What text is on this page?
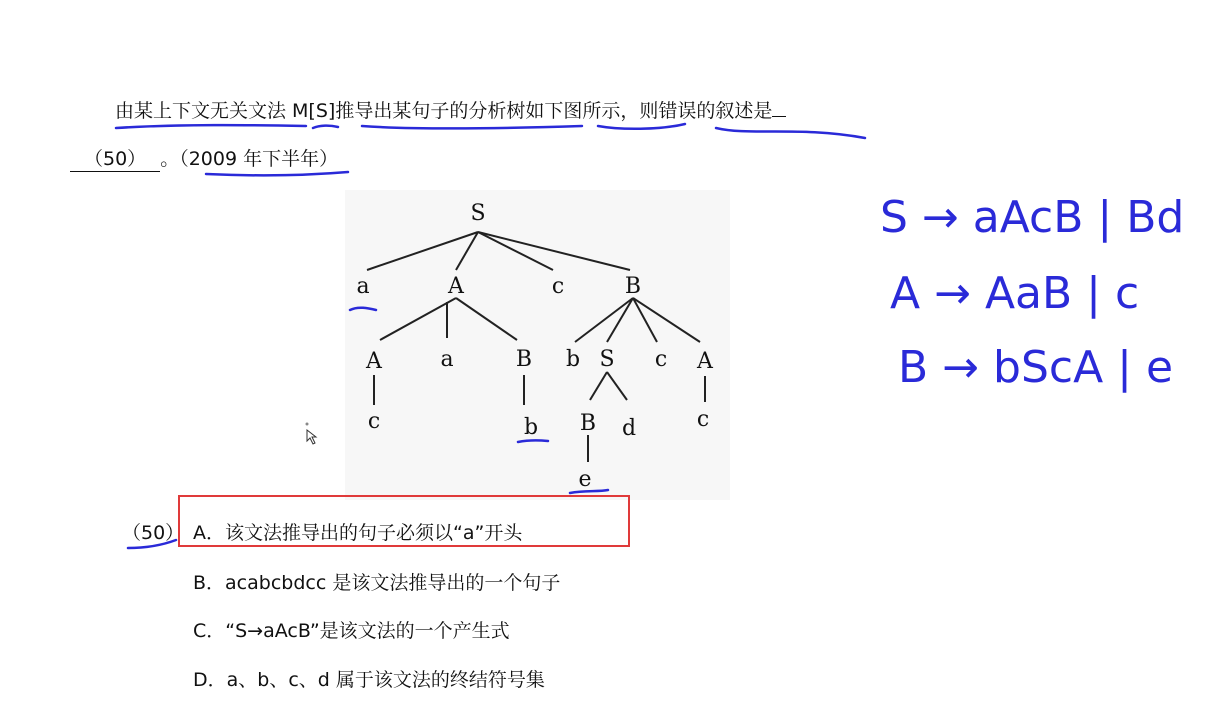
由某上下文无关文法 M[S]推导出某句子的分析树如下图所示，则错误的叙述是
（50） 。（2009 年下半年）
S
a	A	c	B
A	a	B
c	b
b S c A
B d
e
c
（50） A．该文法推导出的句子必须以“a”开头
B．acabcbdcc 是该文法推导出的一个句子
C．“S→aAcB”是该文法的一个产生式
D．a、b、c、d 属于该文法的终结符号集
S → aAcB | Bd
A → AaB | c
B → bScA | e
